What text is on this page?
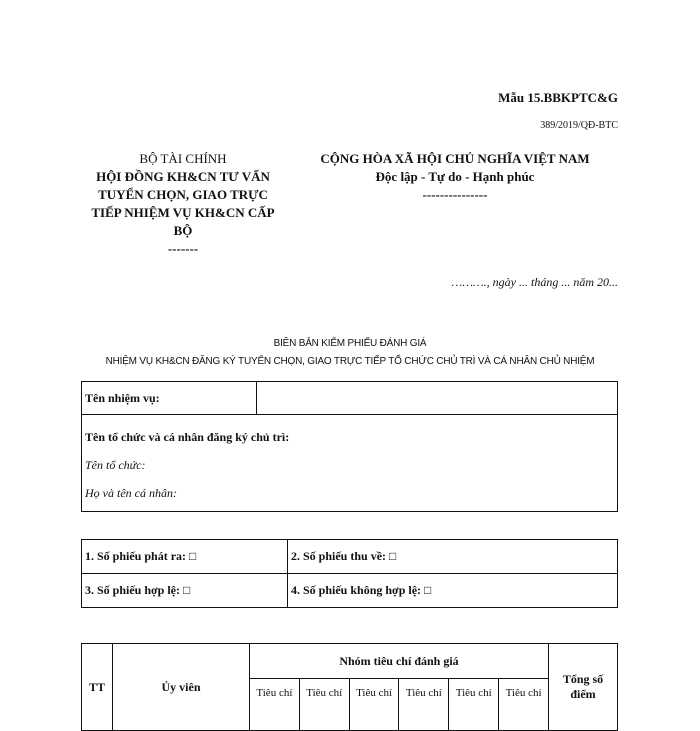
Mẫu 15.BBKPTC&G
389/2019/QĐ-BTC
BỘ TÀI CHÍNH
HỘI ĐỒNG KH&CN TƯ VẤN
TUYỂN CHỌN, GIAO TRỰC
TIẾP NHIỆM VỤ KH&CN CẤP
BỘ
-------
CỘNG HÒA XÃ HỘI CHỦ NGHĨA VIỆT NAM
Độc lập - Tự do - Hạnh phúc
---------------
………., ngày ... tháng ... năm 20...
BIÊN BẢN KIỂM PHIẾU ĐÁNH GIÁ
NHIỆM VỤ KH&CN ĐĂNG KÝ TUYỂN CHỌN, GIAO TRỰC TIẾP TỔ CHỨC CHỦ TRÌ VÀ CÁ NHÂN CHỦ NHIỆM
Tên nhiệm vụ:	

Tên tổ chức và cá nhân đăng ký chủ trì:
Tên tổ chức:
Họ và tên cá nhân:
1. Số phiếu phát ra: □	2. Số phiếu thu về: □
3. Số phiếu hợp lệ: □	4. Số phiếu không hợp lệ: □
TT	Ủy viên	Nhóm tiêu chí đánh giá						Tổng số điểm
		Tiêu chí	Tiêu chí	Tiêu chí	Tiêu chí	Tiêu chí	Tiêu chí	
